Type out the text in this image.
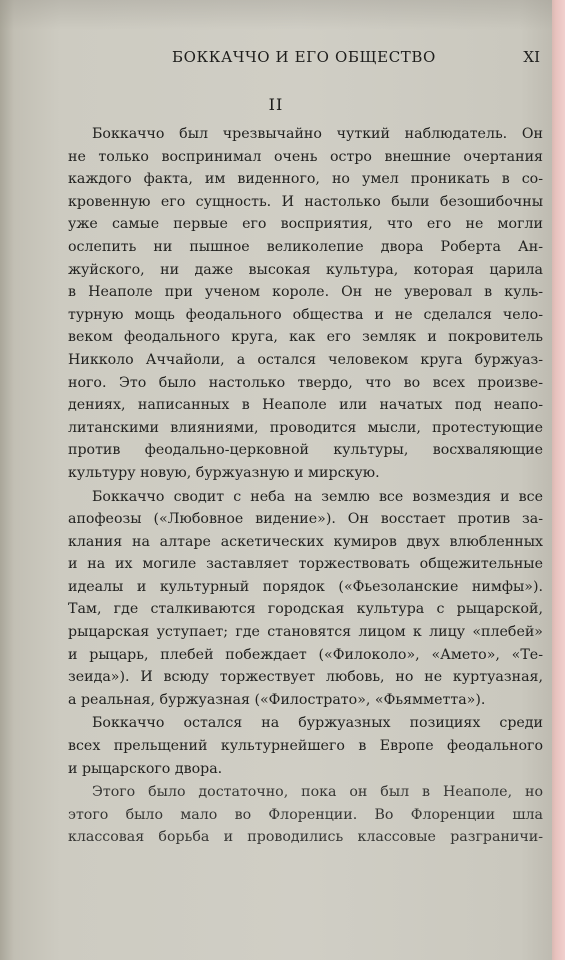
БОККАЧЧО И ЕГО ОБЩЕСТВО	XI
II

Боккаччо был чрезвычайно чуткий наблюдатель. Он
не только воспринимал очень остро внешние очертания
каждого факта, им виденного, но умел проникать в со-
кровенную его сущность. И настолько были безошибочны
уже самые первые его восприятия, что его не могли
ослепить ни пышное великолепие двора Роберта Ан-
жуйского, ни даже высокая культура, которая царила
в Неаполе при ученом короле. Он не уверовал в куль-
турную мощь феодального общества и не сделался чело-
веком феодального круга, как его земляк и покровитель
Никколо Аччайоли, а остался человеком круга буржуаз-
ного. Это было настолько твердо, что во всех произве-
дениях, написанных в Неаполе или начатых под неапо-
литанскими влияниями, проводится мысли, протестующие
против феодально-церковной культуры, восхваляющие
культуру новую, буржуазную и мирскую.

Боккаччо сводит с неба на землю все возмездия и все
апофеозы («Любовное видение»). Он восстает против за-
клания на алтаре аскетических кумиров двух влюбленных
и на их могиле заставляет торжествовать общежительные
идеалы и культурный порядок («Фьезоланские нимфы»).
Там, где сталкиваются городская культура с рыцарской,
рыцарская уступает; где становятся лицом к лицу «плебей»
и рыцарь, плебей побеждает («Филоколо», «Амето», «Те-
зеида»). И всюду торжествует любовь, но не куртуазная,
а реальная, буржуазная («Филострато», «Фьямметта»).

Боккаччо остался на буржуазных позициях среди
всех прельщений культурнейшего в Европе феодального
и рыцарского двора.

Этого было достаточно, пока он был в Неаполе, но
этого было мало во Флоренции. Во Флоренции шла
классовая борьба и проводились классовые разграничи-
